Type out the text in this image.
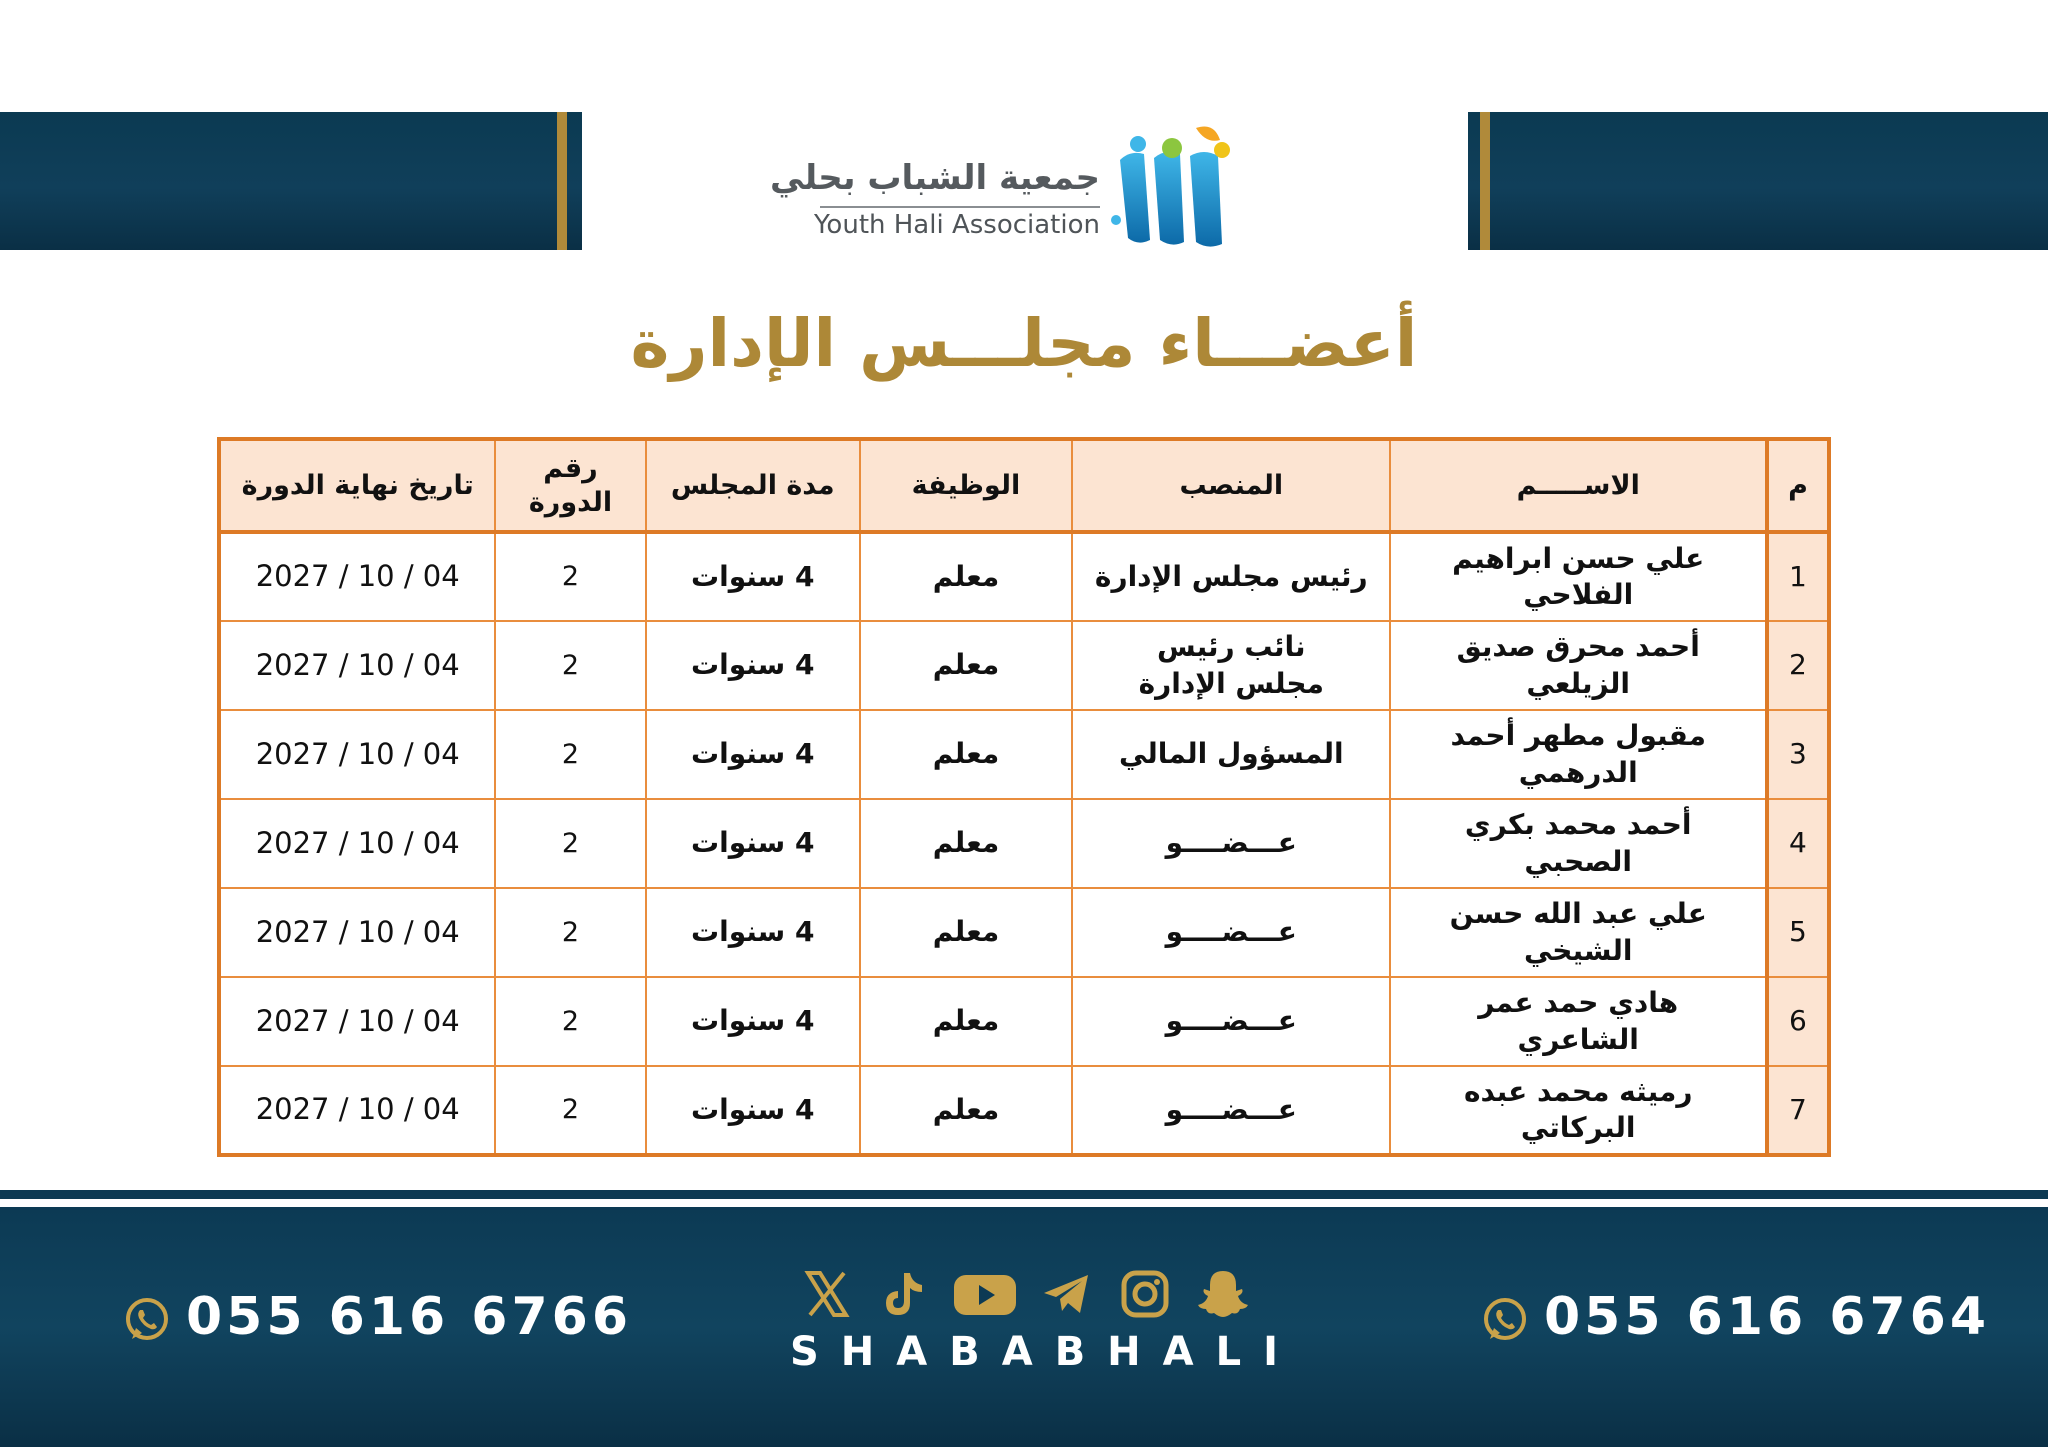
جمعية الشباب بحلي
Youth Hali Association
أعضـــاء مجلـــس الإدارة
م	الاســـــم	المنصب	الوظيفة	مدة المجلس	رقم الدورة	تاريخ نهاية الدورة
1	علي حسن ابراهيم الفلاحي	رئيس مجلس الإدارة	معلم	4 سنوات	2	2027 / 10 / 04
2	أحمد محرق صديق الزيلعي	نائب رئيس مجلس الإدارة	معلم	4 سنوات	2	2027 / 10 / 04
3	مقبول مطهر أحمد الدرهمي	المسؤول المالي	معلم	4 سنوات	2	2027 / 10 / 04
4	أحمد محمد بكري الصحبي	عـــضــــو	معلم	4 سنوات	2	2027 / 10 / 04
5	علي عبد الله حسن الشيخي	عـــضــــو	معلم	4 سنوات	2	2027 / 10 / 04
6	هادي حمد عمر الشاعري	عـــضــــو	معلم	4 سنوات	2	2027 / 10 / 04
7	رميثه محمد عبده البركاتي	عـــضــــو	معلم	4 سنوات	2	2027 / 10 / 04
055 616 6766
SHABABHALI
055 616 6764
